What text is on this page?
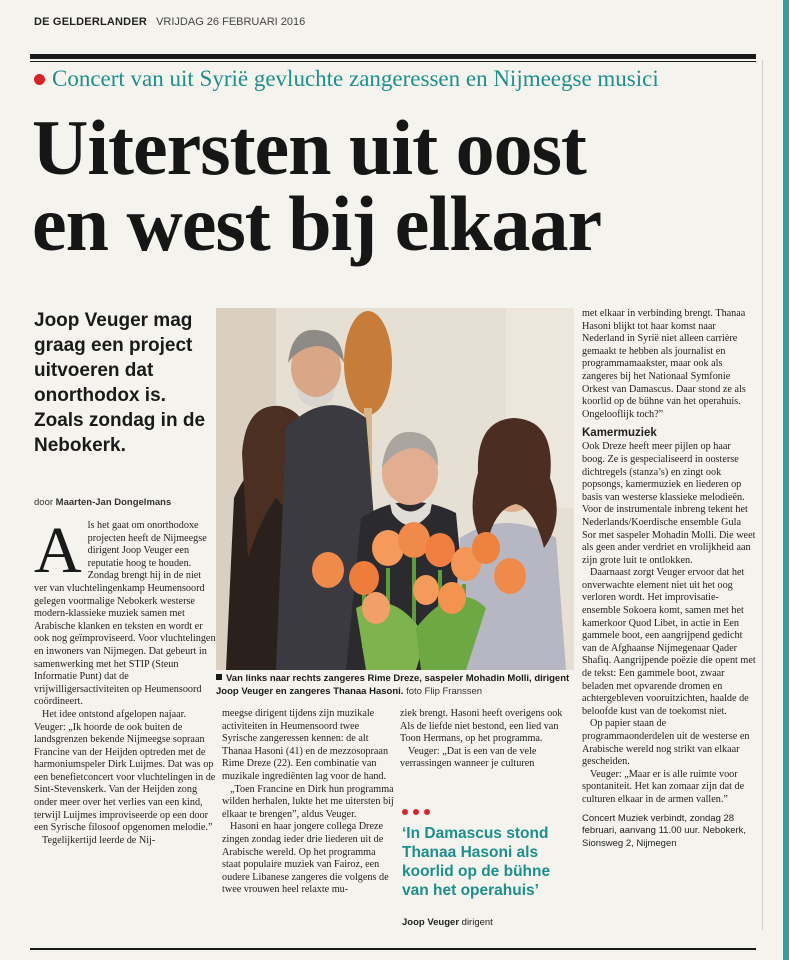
DE GELDERLANDER VRIJDAG 26 FEBRUARI 2016
Concert van uit Syrië gevluchte zangeressen en Nijmeegse musici
Uitersten uit oost
en west bij elkaar
Joop Veuger mag graag een project uitvoeren dat onorthodox is. Zoals zondag in de Nebokerk.
door Maarten-Jan Dongelmans
Van links naar rechts zangeres Rime Dreze, saspeler Mohadin Molli, dirigent Joop Veuger en zangeres Thanaa Hasoni. foto Flip Franssen

Als het gaat om onorthodoxe projecten heeft de Nijmeegse dirigent Joop Veuger een reputatie hoog te houden. Zondag brengt hij in de niet ver van vluchtelingenkamp Heumensoord gelegen voormalige Nebokerk westerse modern-klassieke muziek samen met Arabische klanken en teksten en wordt er ook nog geïmproviseerd. Voor vluchtelingen en inwoners van Nijmegen. Dat gebeurt in samenwerking met het STIP (Steun Informatie Punt) dat de vrijwilligersactiviteiten op Heumensoord coördineert.

Het idee ontstond afgelopen najaar. Veuger: „Ik hoorde de ook buiten de landsgrenzen bekende Nijmeegse sopraan Francine van der Heijden optreden met de harmoniumspeler Dirk Luijmes. Dat was op een benefietconcert voor vluchtelingen in de Sint-Stevenskerk. Van der Heijden zong onder meer over het verlies van een kind, terwijl Luijmes improviseerde op een door een Syrische filosoof opgenomen melodie.”

Tegelijkertijd leerde de Nij-

meegse dirigent tijdens zijn muzikale activiteiten in Heumensoord twee Syrische zangeressen kennen: de alt Thanaa Hasoni (41) en de mezzosopraan Rime Dreze (22). Een combinatie van muzikale ingrediënten lag voor de hand.

„Toen Francine en Dirk hun programma wilden herhalen, lukte het me uitersten bij elkaar te brengen”, aldus Veuger.

Hasoni en haar jongere collega Dreze zingen zondag ieder drie liederen uit de Arabische wereld. Op het programma staat populaire muziek van Fairoz, een oudere Libanese zangeres die volgens de twee vrouwen heel relaxte mu-

ziek brengt. Hasoni heeft overigens ook Als de liefde niet bestond, een lied van Toon Hermans, op het programma.

Veuger: „Dat is een van de vele verrassingen wanneer je culturen

‘In Damascus stond Thanaa Hasoni als koorlid op de bühne van het operahuis’
Joop Veuger dirigent

met elkaar in verbinding brengt. Thanaa Hasoni blijkt tot haar komst naar Nederland in Syrië niet alleen carrière gemaakt te hebben als journalist en programmamaakster, maar ook als zangeres bij het Nationaal Symfonie Orkest van Damascus. Daar stond ze als koorlid op de bühne van het operahuis. Ongelooflijk toch?”

Kamermuziek

Ook Dreze heeft meer pijlen op haar boog. Ze is gespecialiseerd in oosterse dichtregels (stanza’s) en zingt ook popsongs, kamermuziek en liederen op basis van westerse klassieke melodieën. Voor de instrumentale inbreng tekent het Nederlands/Koerdische ensemble Gula Sor met saspeler Mohadin Molli. Die weet als geen ander verdriet en vrolijkheid aan zijn grote luit te ontlokken.

Daarnaast zorgt Veuger ervoor dat het onverwachte element niet uit het oog verloren wordt. Het improvisatie-ensemble Sokoera komt, samen met het kamerkoor Quod Libet, in actie in Een gammele boot, een aangrijpend gedicht van de Afghaanse Nijmegenaar Qader Shafiq. Aangrijpende poëzie die opent met de tekst: Een gammele boot, zwaar beladen met opvarende dromen en achtergebleven vooruitzichten, haalde de beloofde kust van de toekomst niet.

Op papier staan de programmaonderdelen uit de westerse en Arabische wereld nog strikt van elkaar gescheiden.

Veuger: „Maar er is alle ruimte voor spontaniteit. Het kan zomaar zijn dat de culturen elkaar in de armen vallen.”

Concert Muziek verbindt, zondag 28 februari, aanvang 11.00 uur. Nebokerk, Sionsweg 2, Nijmegen
